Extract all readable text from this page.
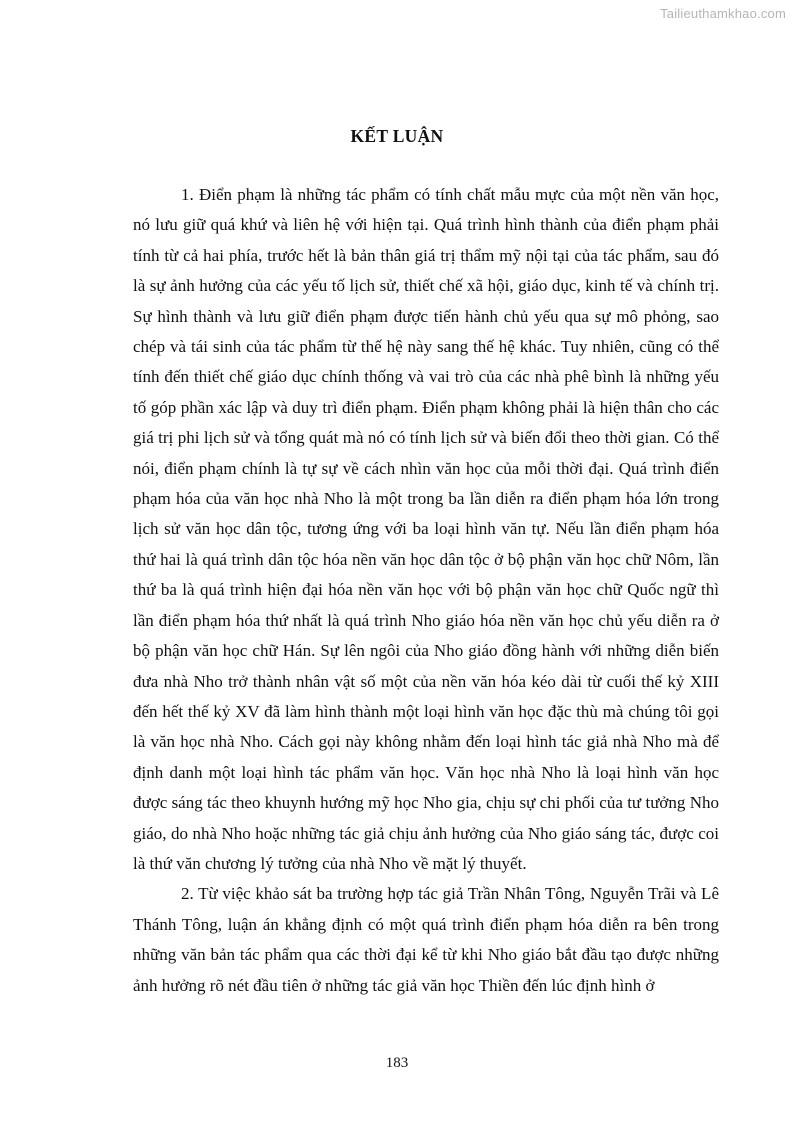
Tailieuthamkhao.com
KẾT LUẬN

1. Điển phạm là những tác phẩm có tính chất mẫu mực của một nền văn học, nó lưu giữ quá khứ và liên hệ với hiện tại. Quá trình hình thành của điển phạm phải tính từ cả hai phía, trước hết là bản thân giá trị thẩm mỹ nội tại của tác phẩm, sau đó là sự ảnh hưởng của các yếu tố lịch sử, thiết chế xã hội, giáo dục, kinh tế và chính trị. Sự hình thành và lưu giữ điển phạm được tiến hành chủ yếu qua sự mô phỏng, sao chép và tái sinh của tác phẩm từ thế hệ này sang thế hệ khác. Tuy nhiên, cũng có thể tính đến thiết chế giáo dục chính thống và vai trò của các nhà phê bình là những yếu tố góp phần xác lập và duy trì điển phạm. Điển phạm không phải là hiện thân cho các giá trị phi lịch sử và tổng quát mà nó có tính lịch sử và biến đổi theo thời gian. Có thể nói, điển phạm chính là tự sự về cách nhìn văn học của mỗi thời đại. Quá trình điển phạm hóa của văn học nhà Nho là một trong ba lần diễn ra điển phạm hóa lớn trong lịch sử văn học dân tộc, tương ứng với ba loại hình văn tự. Nếu lần điển phạm hóa thứ hai là quá trình dân tộc hóa nền văn học dân tộc ở bộ phận văn học chữ Nôm, lần thứ ba là quá trình hiện đại hóa nền văn học với bộ phận văn học chữ Quốc ngữ thì lần điển phạm hóa thứ nhất là quá trình Nho giáo hóa nền văn học chủ yếu diễn ra ở bộ phận văn học chữ Hán. Sự lên ngôi của Nho giáo đồng hành với những diễn biến đưa nhà Nho trở thành nhân vật số một của nền văn hóa kéo dài từ cuối thế kỷ XIII đến hết thế kỷ XV đã làm hình thành một loại hình văn học đặc thù mà chúng tôi gọi là văn học nhà Nho. Cách gọi này không nhằm đến loại hình tác giả nhà Nho mà để định danh một loại hình tác phẩm văn học. Văn học nhà Nho là loại hình văn học được sáng tác theo khuynh hướng mỹ học Nho gia, chịu sự chi phối của tư tưởng Nho giáo, do nhà Nho hoặc những tác giả chịu ảnh hưởng của Nho giáo sáng tác, được coi là thứ văn chương lý tưởng của nhà Nho về mặt lý thuyết.

2. Từ việc khảo sát ba trường hợp tác giả Trần Nhân Tông, Nguyễn Trãi và Lê Thánh Tông, luận án khẳng định có một quá trình điển phạm hóa diễn ra bên trong những văn bản tác phẩm qua các thời đại kể từ khi Nho giáo bắt đầu tạo được những ảnh hưởng rõ nét đầu tiên ở những tác giả văn học Thiền đến lúc định hình ở

183
